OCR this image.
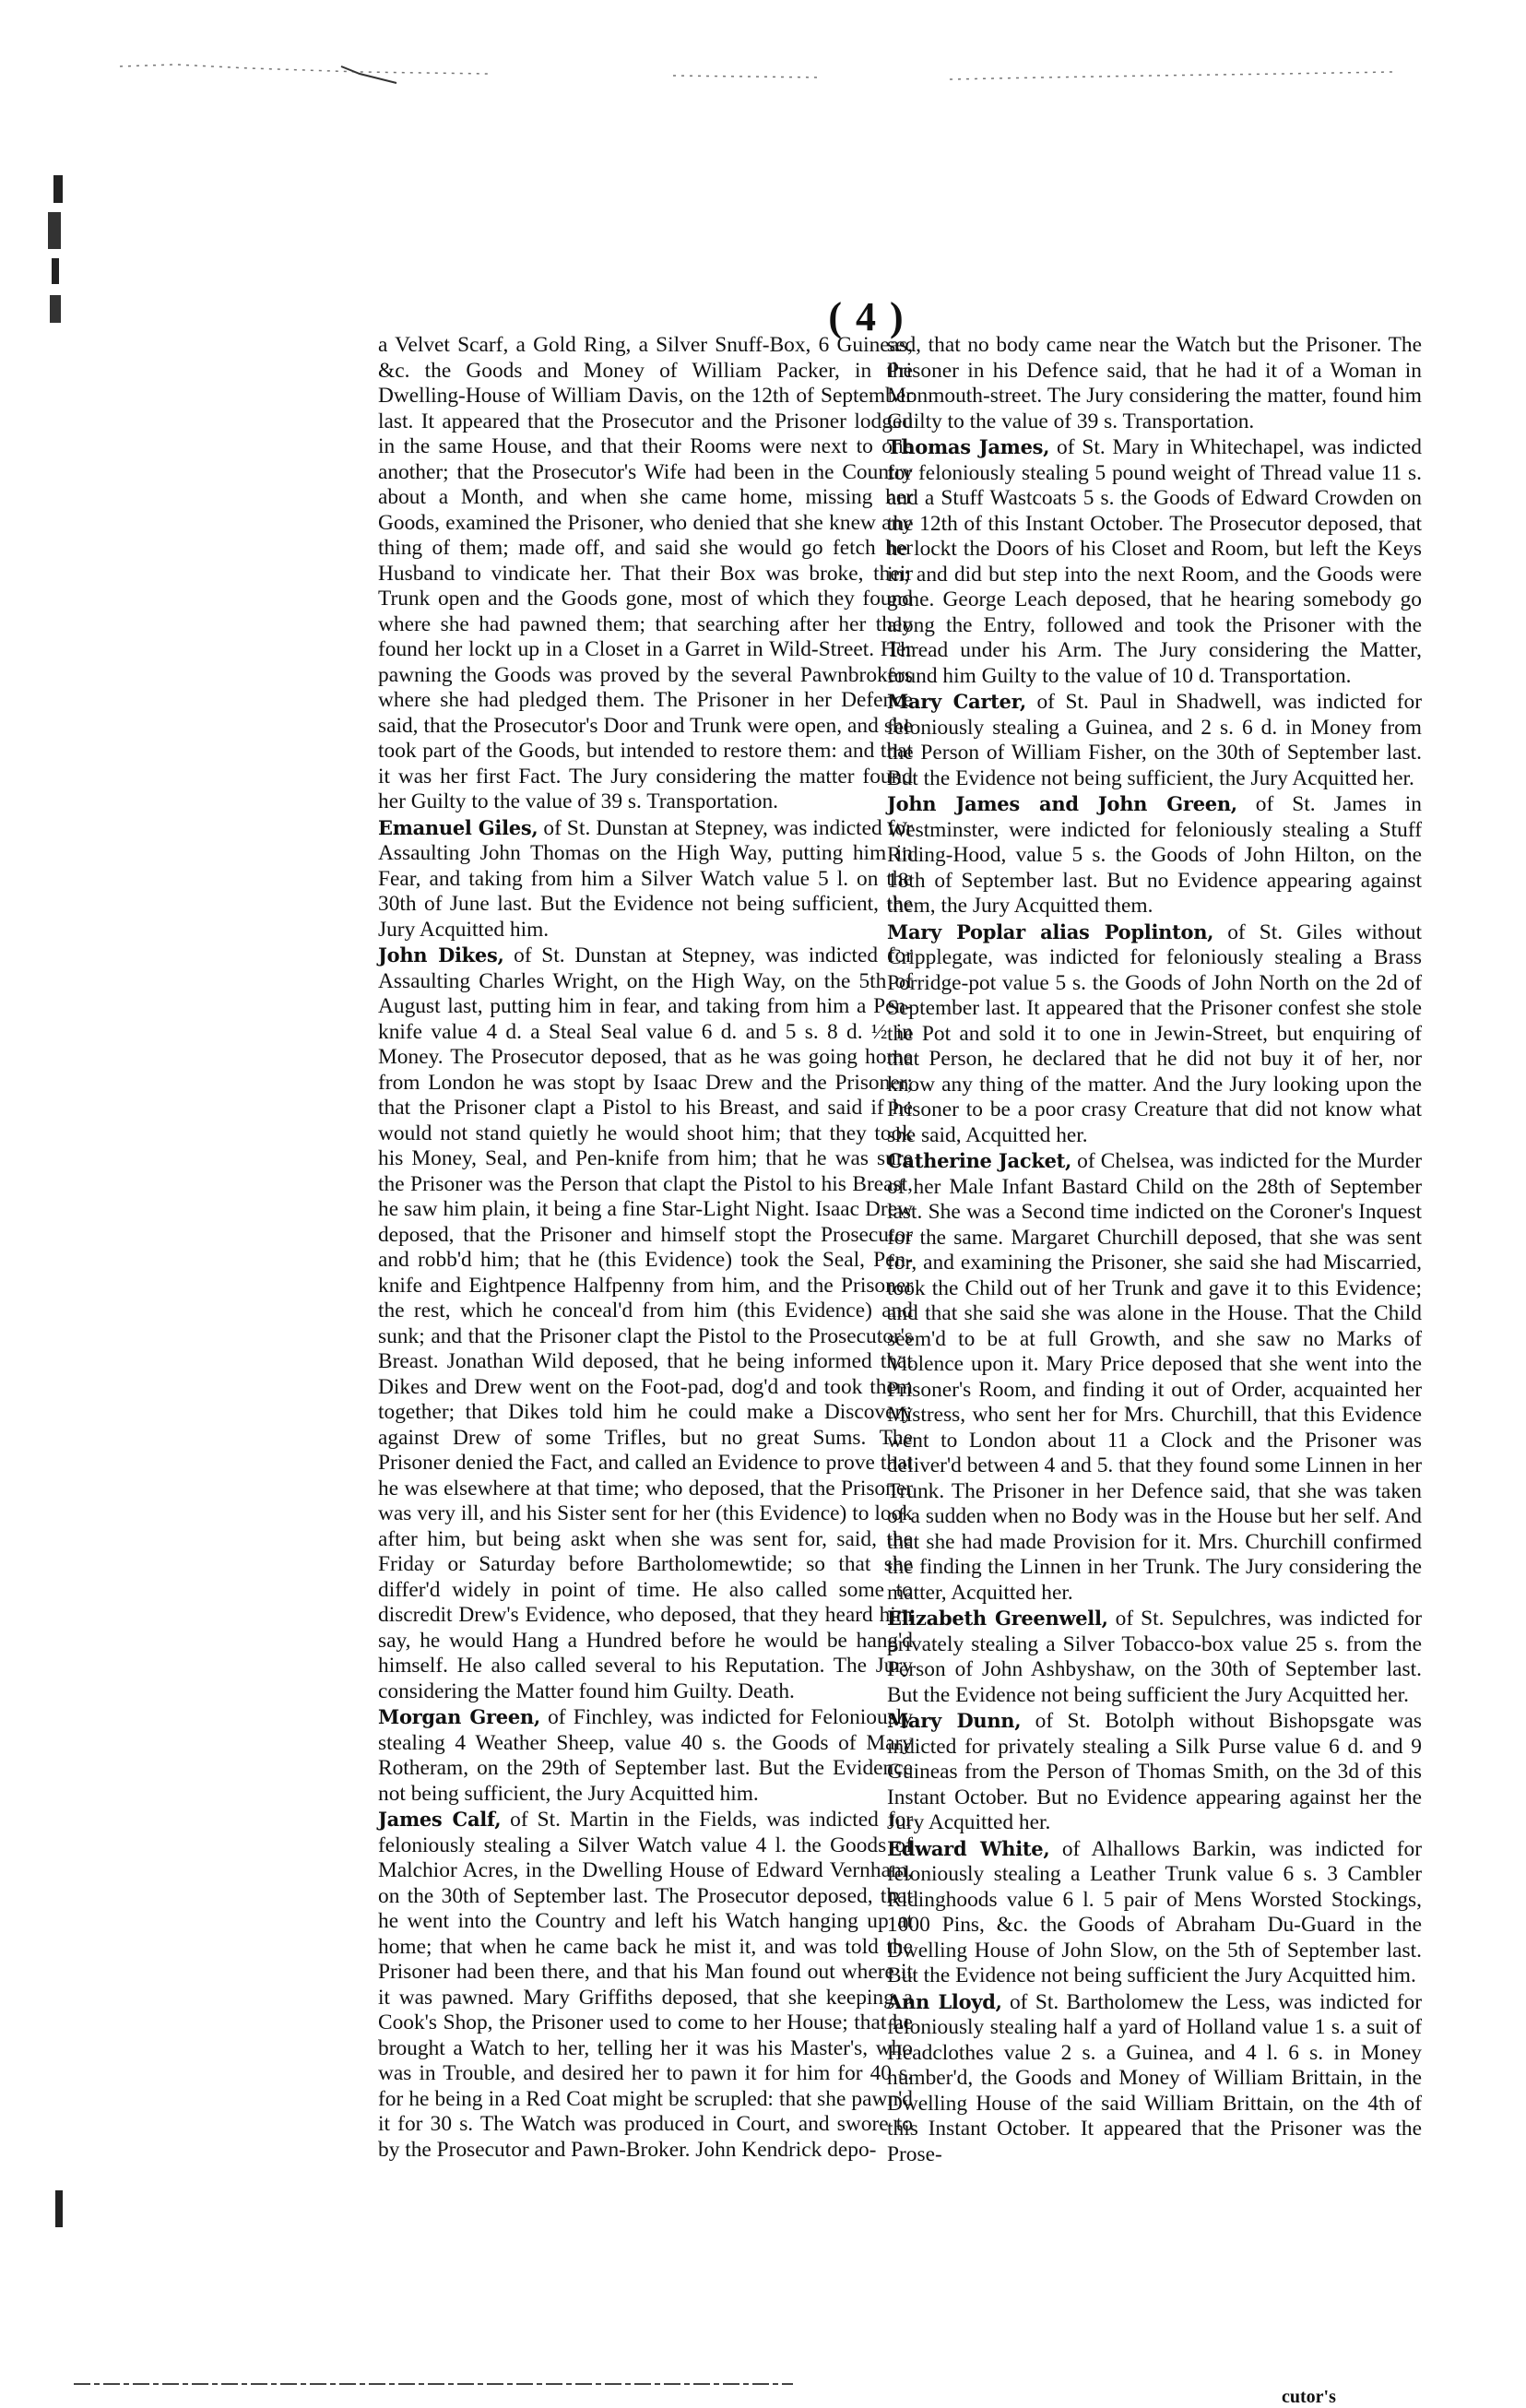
( 4 )

a Velvet Scarf, a Gold Ring, a Silver Snuff-Box, 6 Guineas, &c. the Goods and Money of William Packer, in the Dwelling-House of William Davis, on the 12th of September last. It appeared that the Prosecutor and the Prisoner lodged in the same House, and that their Rooms were next to one another; that the Prosecutor's Wife had been in the Country about a Month, and when she came home, missing her Goods, examined the Prisoner, who denied that she knew any thing of them; made off, and said she would go fetch her Husband to vindicate her. That their Box was broke, their Trunk open and the Goods gone, most of which they found where she had pawned them; that searching after her they found her lockt up in a Closet in a Garret in Wild-Street. Her pawning the Goods was proved by the several Pawnbrokers where she had pledged them. The Prisoner in her Defence said, that the Prosecutor's Door and Trunk were open, and she took part of the Goods, but intended to restore them: and that it was her first Fact. The Jury considering the matter found her Guilty to the value of 39 s. Transportation.

Emanuel Giles, of St. Dunstan at Stepney, was indicted for Assaulting John Thomas on the High Way, putting him in Fear, and taking from him a Silver Watch value 5 l. on the 30th of June last. But the Evidence not being sufficient, the Jury Acquitted him.

John Dikes, of St. Dunstan at Stepney, was indicted for Assaulting Charles Wright, on the High Way, on the 5th of August last, putting him in fear, and taking from him a Pen-knife value 4 d. a Steal Seal value 6 d. and 5 s. 8 d. ½ in Money. The Prosecutor deposed, that as he was going home from London he was stopt by Isaac Drew and the Prisoner; that the Prisoner clapt a Pistol to his Breast, and said if he would not stand quietly he would shoot him; that they took his Money, Seal, and Pen-knife from him; that he was sure the Prisoner was the Person that clapt the Pistol to his Breast, he saw him plain, it being a fine Star-Light Night. Isaac Drew deposed, that the Prisoner and himself stopt the Prosecutor and robb'd him; that he (this Evidence) took the Seal, Pen-knife and Eightpence Halfpenny from him, and the Prisoner the rest, which he conceal'd from him (this Evidence) and sunk; and that the Prisoner clapt the Pistol to the Prosecutor's Breast. Jonathan Wild deposed, that he being informed that Dikes and Drew went on the Foot-pad, dog'd and took them together; that Dikes told him he could make a Discovery against Drew of some Trifles, but no great Sums. The Prisoner denied the Fact, and called an Evidence to prove that he was elsewhere at that time; who deposed, that the Prisoner was very ill, and his Sister sent for her (this Evidence) to look after him, but being askt when she was sent for, said, the Friday or Saturday before Bartholomewtide; so that she differ'd widely in point of time. He also called some to discredit Drew's Evidence, who deposed, that they heard him say, he would Hang a Hundred before he would be hang'd himself. He also called several to his Reputation. The Jury considering the Matter found him Guilty. Death.

Morgan Green, of Finchley, was indicted for Feloniously stealing 4 Weather Sheep, value 40 s. the Goods of Mary Rotheram, on the 29th of September last. But the Evidence not being sufficient, the Jury Acquitted him.

James Calf, of St. Martin in the Fields, was indicted for feloniously stealing a Silver Watch value 4 l. the Goods of Malchior Acres, in the Dwelling House of Edward Vernham, on the 30th of September last. The Prosecutor deposed, that he went into the Country and left his Watch hanging up at home; that when he came back he mist it, and was told the Prisoner had been there, and that his Man found out where it it was pawned. Mary Griffiths deposed, that she keeping a Cook's Shop, the Prisoner used to come to her House; that he brought a Watch to her, telling her it was his Master's, who was in Trouble, and desired her to pawn it for him for 40 s. for he being in a Red Coat might be scrupled: that she pawn'd it for 30 s. The Watch was produced in Court, and swore to by the Prosecutor and Pawn-Broker. John Kendrick depo-

sed, that no body came near the Watch but the Prisoner. The Prisoner in his Defence said, that he had it of a Woman in Monmouth-street. The Jury considering the matter, found him Guilty to the value of 39 s. Transportation.

Thomas James, of St. Mary in Whitechapel, was indicted for feloniously stealing 5 pound weight of Thread value 11 s. and a Stuff Wastcoats 5 s. the Goods of Edward Crowden on the 12th of this Instant October. The Prosecutor deposed, that he lockt the Doors of his Closet and Room, but left the Keys in; and did but step into the next Room, and the Goods were gone. George Leach deposed, that he hearing somebody go along the Entry, followed and took the Prisoner with the Thread under his Arm. The Jury considering the Matter, found him Guilty to the value of 10 d. Transportation.

Mary Carter, of St. Paul in Shadwell, was indicted for feloniously stealing a Guinea, and 2 s. 6 d. in Money from the Person of William Fisher, on the 30th of September last. But the Evidence not being sufficient, the Jury Acquitted her.

John James and John Green, of St. James in Westminster, were indicted for feloniously stealing a Stuff Riding-Hood, value 5 s. the Goods of John Hilton, on the 18th of September last. But no Evidence appearing against them, the Jury Acquitted them.

Mary Poplar alias Poplinton, of St. Giles without Cripplegate, was indicted for feloniously stealing a Brass Porridge-pot value 5 s. the Goods of John North on the 2d of September last. It appeared that the Prisoner confest she stole the Pot and sold it to one in Jewin-Street, but enquiring of that Person, he declared that he did not buy it of her, nor know any thing of the matter. And the Jury looking upon the Prisoner to be a poor crasy Creature that did not know what she said, Acquitted her.

Catherine Jacket, of Chelsea, was indicted for the Murder of her Male Infant Bastard Child on the 28th of September last. She was a Second time indicted on the Coroner's Inquest for the same. Margaret Churchill deposed, that she was sent for, and examining the Prisoner, she said she had Miscarried, took the Child out of her Trunk and gave it to this Evidence; and that she said she was alone in the House. That the Child seem'd to be at full Growth, and she saw no Marks of Violence upon it. Mary Price deposed that she went into the Prisoner's Room, and finding it out of Order, acquainted her Mistress, who sent her for Mrs. Churchill, that this Evidence went to London about 11 a Clock and the Prisoner was deliver'd between 4 and 5. that they found some Linnen in her Trunk. The Prisoner in her Defence said, that she was taken of a sudden when no Body was in the House but her self. And that she had made Provision for it. Mrs. Churchill confirmed the finding the Linnen in her Trunk. The Jury considering the matter, Acquitted her.

Elizabeth Greenwell, of St. Sepulchres, was indicted for privately stealing a Silver Tobacco-box value 25 s. from the Person of John Ashbyshaw, on the 30th of September last. But the Evidence not being sufficient the Jury Acquitted her.

Mary Dunn, of St. Botolph without Bishopsgate was indicted for privately stealing a Silk Purse value 6 d. and 9 Guineas from the Person of Thomas Smith, on the 3d of this Instant October. But no Evidence appearing against her the Jury Acquitted her.

Edward White, of Alhallows Barkin, was indicted for feloniously stealing a Leather Trunk value 6 s. 3 Cambler Ridinghoods value 6 l. 5 pair of Mens Worsted Stockings, 1000 Pins, &c. the Goods of Abraham Du-Guard in the Dwelling House of John Slow, on the 5th of September last. But the Evidence not being sufficient the Jury Acquitted him.

Ann Lloyd, of St. Bartholomew the Less, was indicted for feloniously stealing half a yard of Holland value 1 s. a suit of Headclothes value 2 s. a Guinea, and 4 l. 6 s. in Money number'd, the Goods and Money of William Brittain, in the Dwelling House of the said William Brittain, on the 4th of this Instant October. It appeared that the Prisoner was the Prose-

cutor's
